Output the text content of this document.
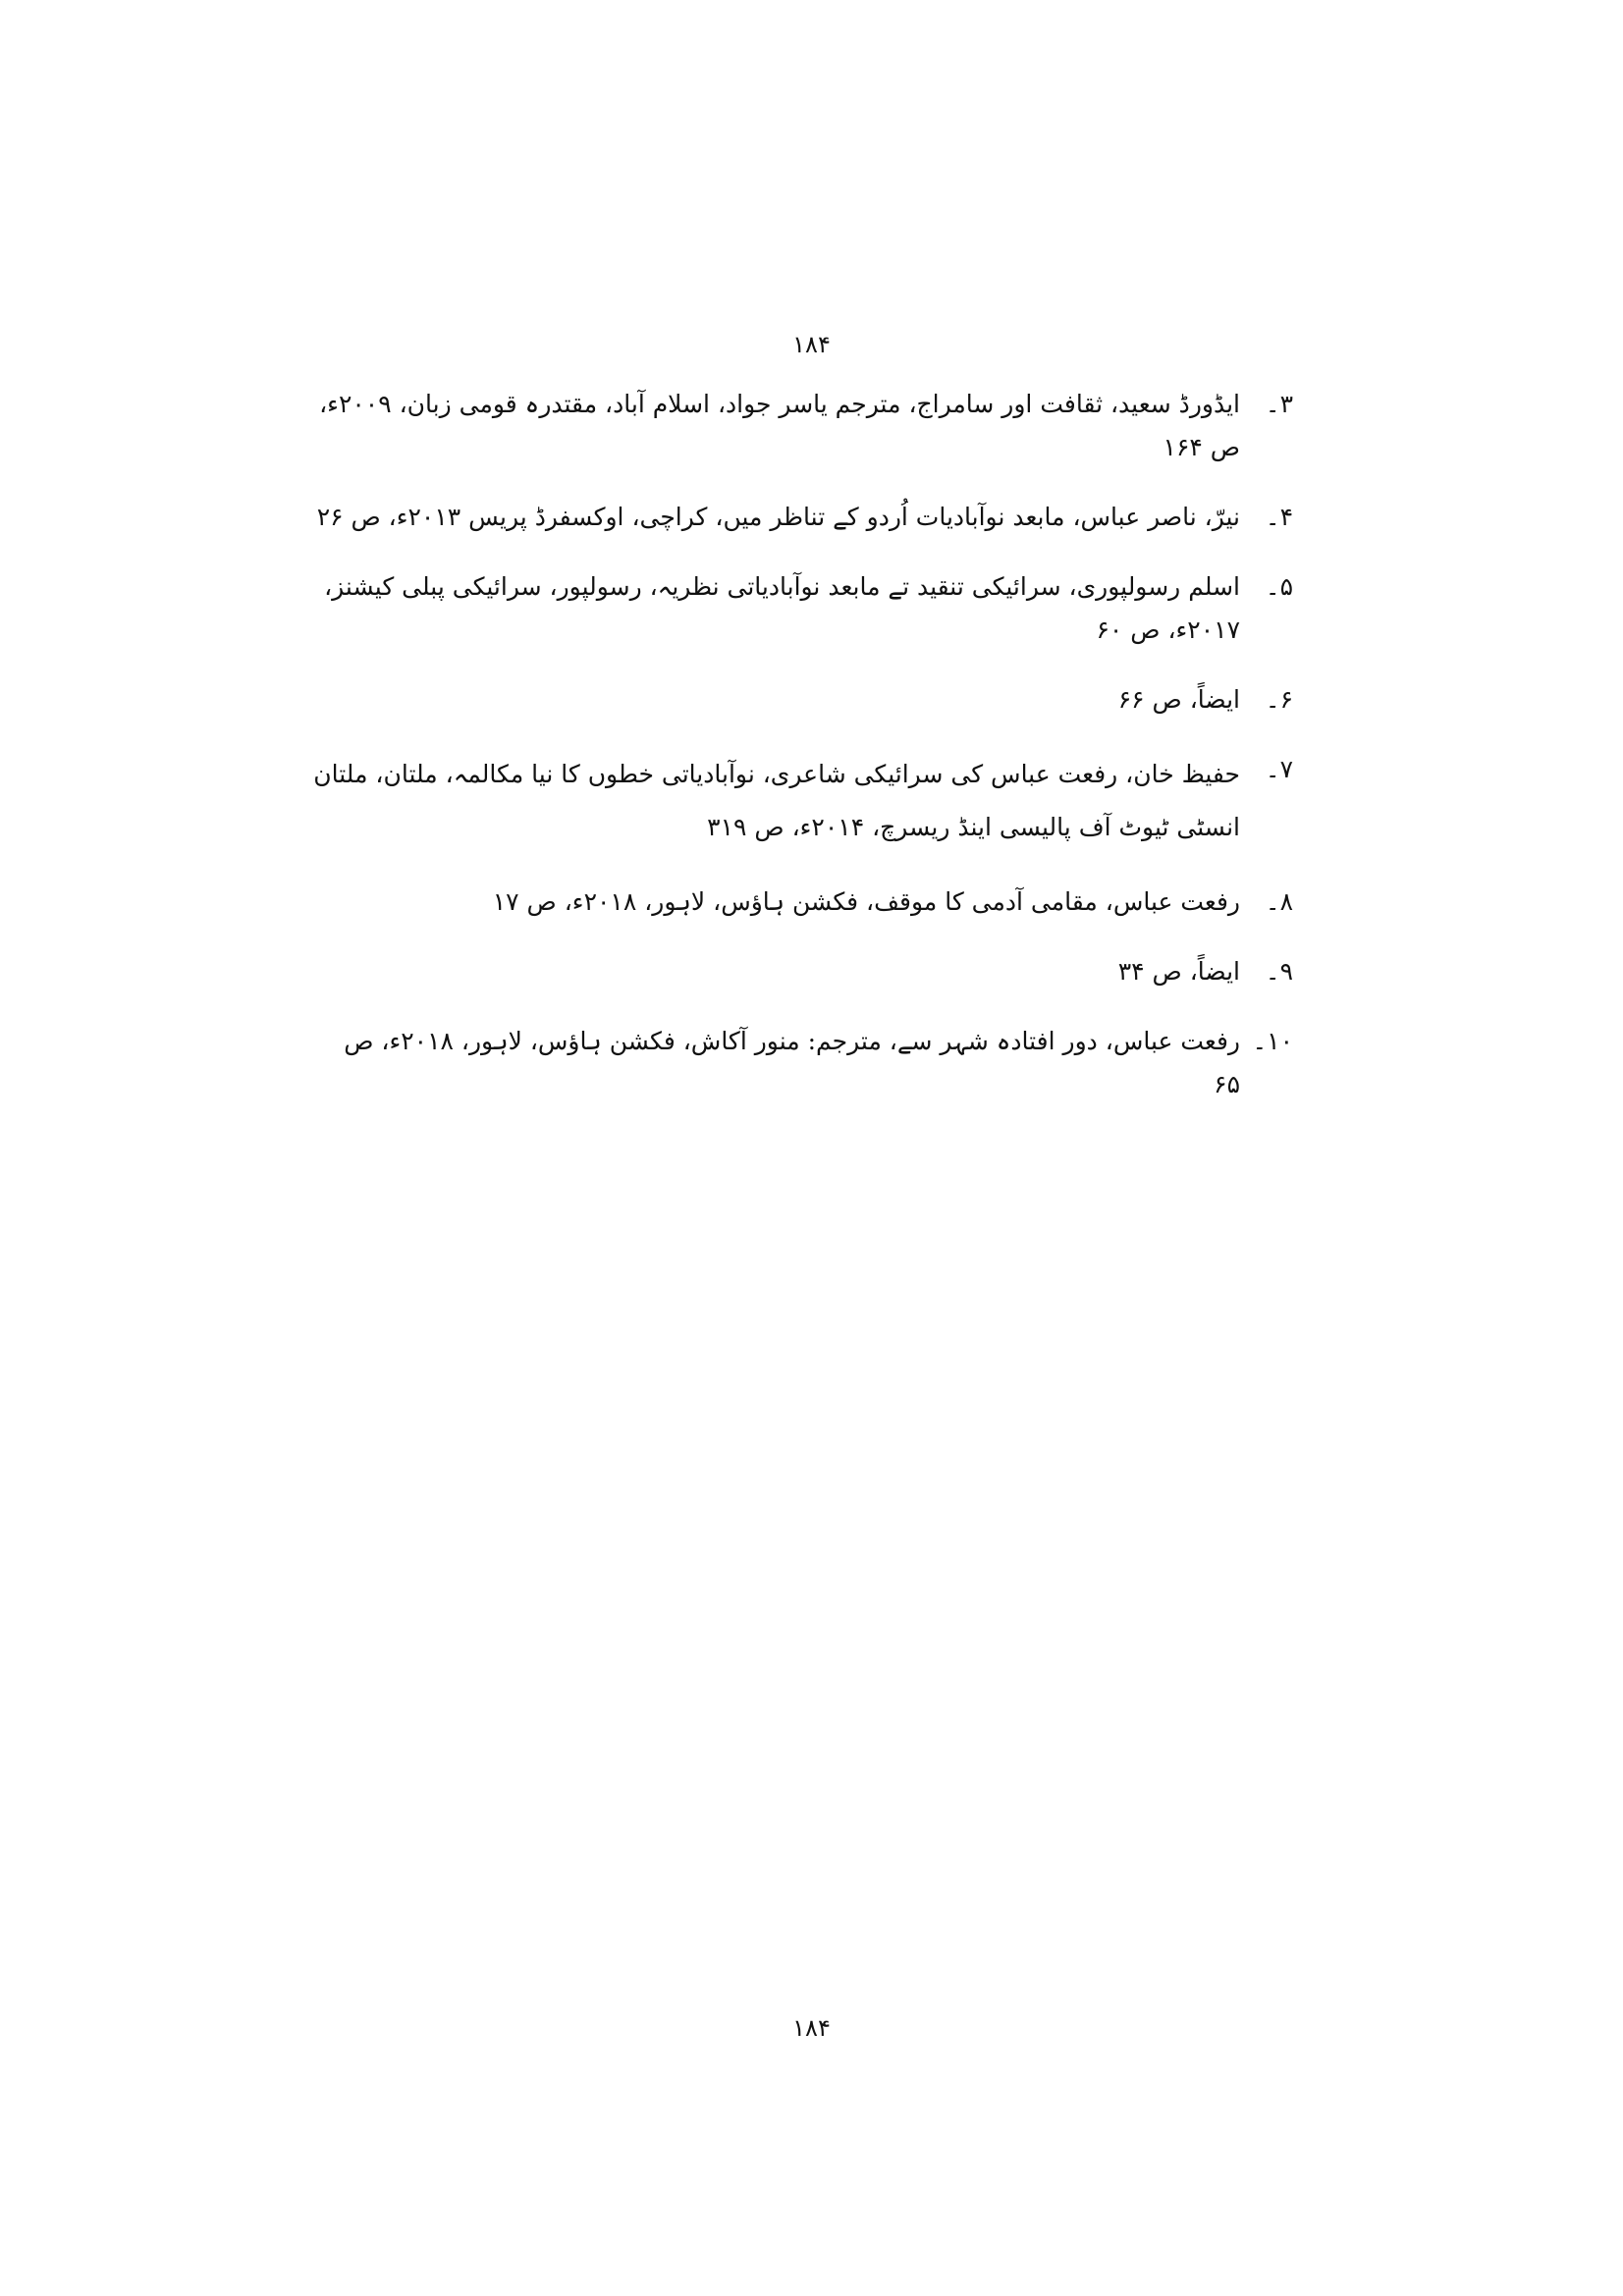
۱۸۴
۳۔
ایڈورڈ سعید، ثقافت اور سامراج، مترجم یاسر جواد، اسلام آباد، مقتدرہ قومی زبان، ۲۰۰۹ء، ص ۱۶۴
۴۔
نیرّ، ناصر عباس، مابعد نوآبادیات اُردو کے تناظر میں، کراچی، اوکسفرڈ پریس ۲۰۱۳ء، ص ۲۶
۵۔
اسلم رسولپوری، سرائیکی تنقید تے مابعد نوآبادیاتی نظریہ، رسولپور، سرائیکی پبلی کیشنز، ۲۰۱۷ء، ص ۶۰
۶۔
ایضاً، ص ۶۶
۷۔
حفیظ خان، رفعت عباس کی سرائیکی شاعری، نوآبادیاتی خطوں کا نیا مکالمہ، ملتان، ملتان انسٹی ٹیوٹ آف پالیسی اینڈ ریسرچ، ۲۰۱۴ء، ص ۳۱۹
۸۔
رفعت عباس، مقامی آدمی کا موقف، فکشن ہاؤس، لاہور، ۲۰۱۸ء، ص ۱۷
۹۔
ایضاً، ص ۳۴
۱۰۔
رفعت عباس، دور افتادہ شہر سے، مترجم: منور آکاش، فکشن ہاؤس، لاہور، ۲۰۱۸ء، ص ۶۵
۱۸۴
